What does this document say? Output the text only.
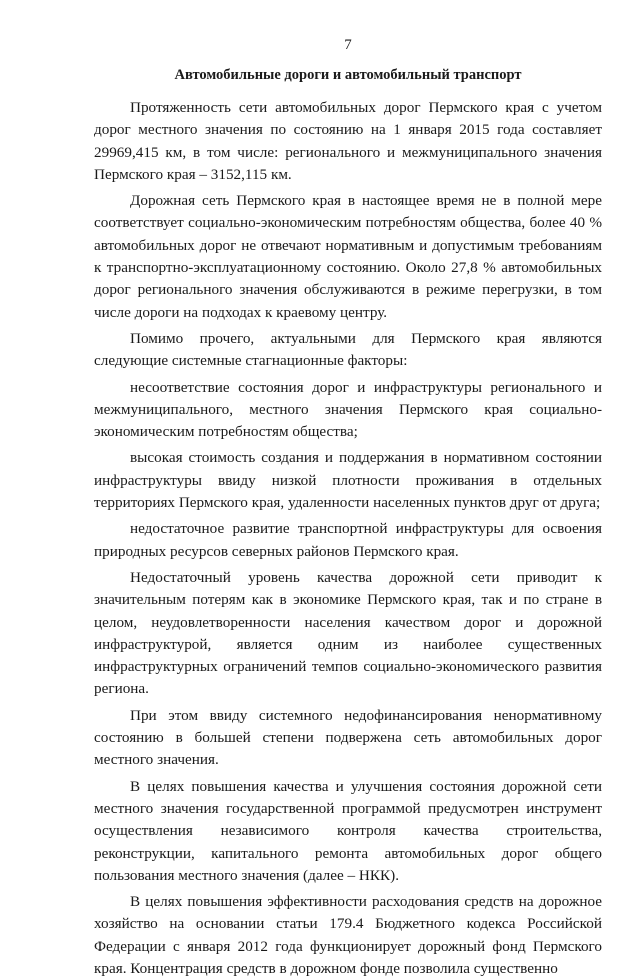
7
Автомобильные дороги и автомобильный транспорт

Протяженность сети автомобильных дорог Пермского края с учетом дорог местного значения по состоянию на 1 января 2015 года составляет 29969,415 км, в том числе: регионального и межмуниципального значения Пермского края – 3152,115 км.

Дорожная сеть Пермского края в настоящее время не в полной мере соответствует социально-экономическим потребностям общества, более 40 % автомобильных дорог не отвечают нормативным и допустимым требованиям к транспортно-эксплуатационному состоянию. Около 27,8 % автомобильных дорог регионального значения обслуживаются в режиме перегрузки, в том числе дороги на подходах к краевому центру.

Помимо прочего, актуальными для Пермского края являются следующие системные стагнационные факторы:

несоответствие состояния дорог и инфраструктуры регионального и межмуниципального, местного значения Пермского края социально-экономическим потребностям общества;

высокая стоимость создания и поддержания в нормативном состоянии инфраструктуры ввиду низкой плотности проживания в отдельных территориях Пермского края, удаленности населенных пунктов друг от друга;

недостаточное развитие транспортной инфраструктуры для освоения природных ресурсов северных районов Пермского края.

Недостаточный уровень качества дорожной сети приводит к значительным потерям как в экономике Пермского края, так и по стране в целом, неудовлетворенности населения качеством дорог и дорожной инфраструктурой, является одним из наиболее существенных инфраструктурных ограничений темпов социально-экономического развития региона.

При этом ввиду системного недофинансирования ненормативному состоянию в большей степени подвержена сеть автомобильных дорог местного значения.

В целях повышения качества и улучшения состояния дорожной сети местного значения государственной программой предусмотрен инструмент осуществления независимого контроля качества строительства, реконструкции, капитального ремонта автомобильных дорог общего пользования местного значения (далее – НКК).

В целях повышения эффективности расходования средств на дорожное хозяйство на основании статьи 179.4 Бюджетного кодекса Российской Федерации с января 2012 года функционирует дорожный фонд Пермского края. Концентрация средств в дорожном фонде позволила существенно
